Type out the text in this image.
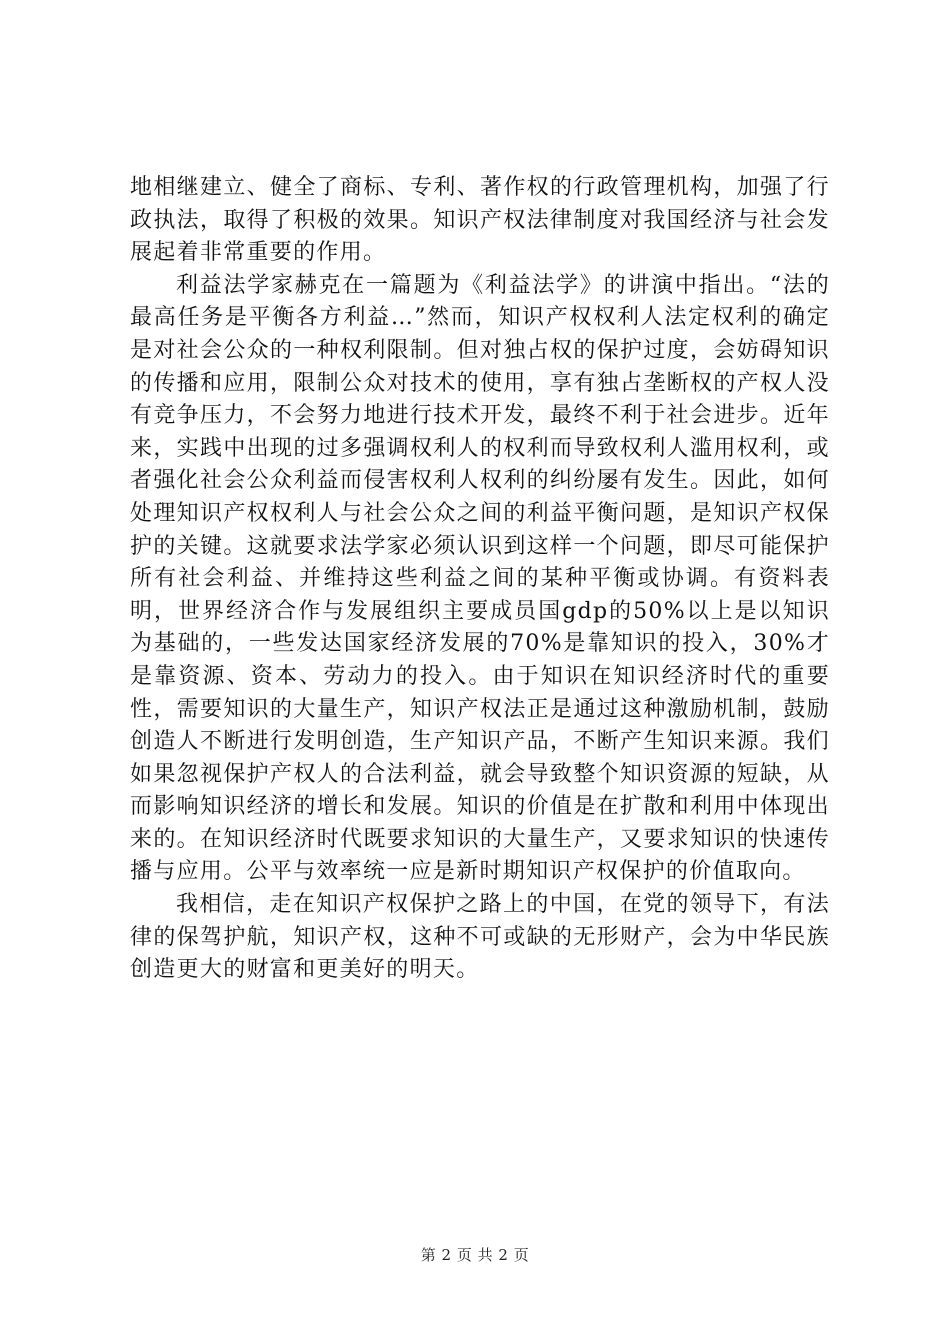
地相继建立、健全了商标、专利、著作权的行政管理机构，加强了行政执法，取得了积极的效果。知识产权法律制度对我国经济与社会发展起着非常重要的作用。

利益法学家赫克在一篇题为《利益法学》的讲演中指出。“法的最高任务是平衡各方利益…”然而，知识产权权利人法定权利的确定是对社会公众的一种权利限制。但对独占权的保护过度，会妨碍知识的传播和应用，限制公众对技术的使用，享有独占垄断权的产权人没有竞争压力，不会努力地进行技术开发，最终不利于社会进步。近年来，实践中出现的过多强调权利人的权利而导致权利人滥用权利，或者强化社会公众利益而侵害权利人权利的纠纷屡有发生。因此，如何处理知识产权权利人与社会公众之间的利益平衡问题，是知识产权保护的关键。这就要求法学家必须认识到这样一个问题，即尽可能保护所有社会利益、并维持这些利益之间的某种平衡或协调。有资料表明，世界经济合作与发展组织主要成员国gdp的50%以上是以知识为基础的，一些发达国家经济发展的70%是靠知识的投入，30%才是靠资源、资本、劳动力的投入。由于知识在知识经济时代的重要性，需要知识的大量生产，知识产权法正是通过这种激励机制，鼓励创造人不断进行发明创造，生产知识产品，不断产生知识来源。我们如果忽视保护产权人的合法利益，就会导致整个知识资源的短缺，从而影响知识经济的增长和发展。知识的价值是在扩散和利用中体现出来的。在知识经济时代既要求知识的大量生产，又要求知识的快速传播与应用。公平与效率统一应是新时期知识产权保护的价值取向。

我相信，走在知识产权保护之路上的中国，在党的领导下，有法律的保驾护航，知识产权，这种不可或缺的无形财产，会为中华民族创造更大的财富和更美好的明天。

第 2 页 共 2 页
